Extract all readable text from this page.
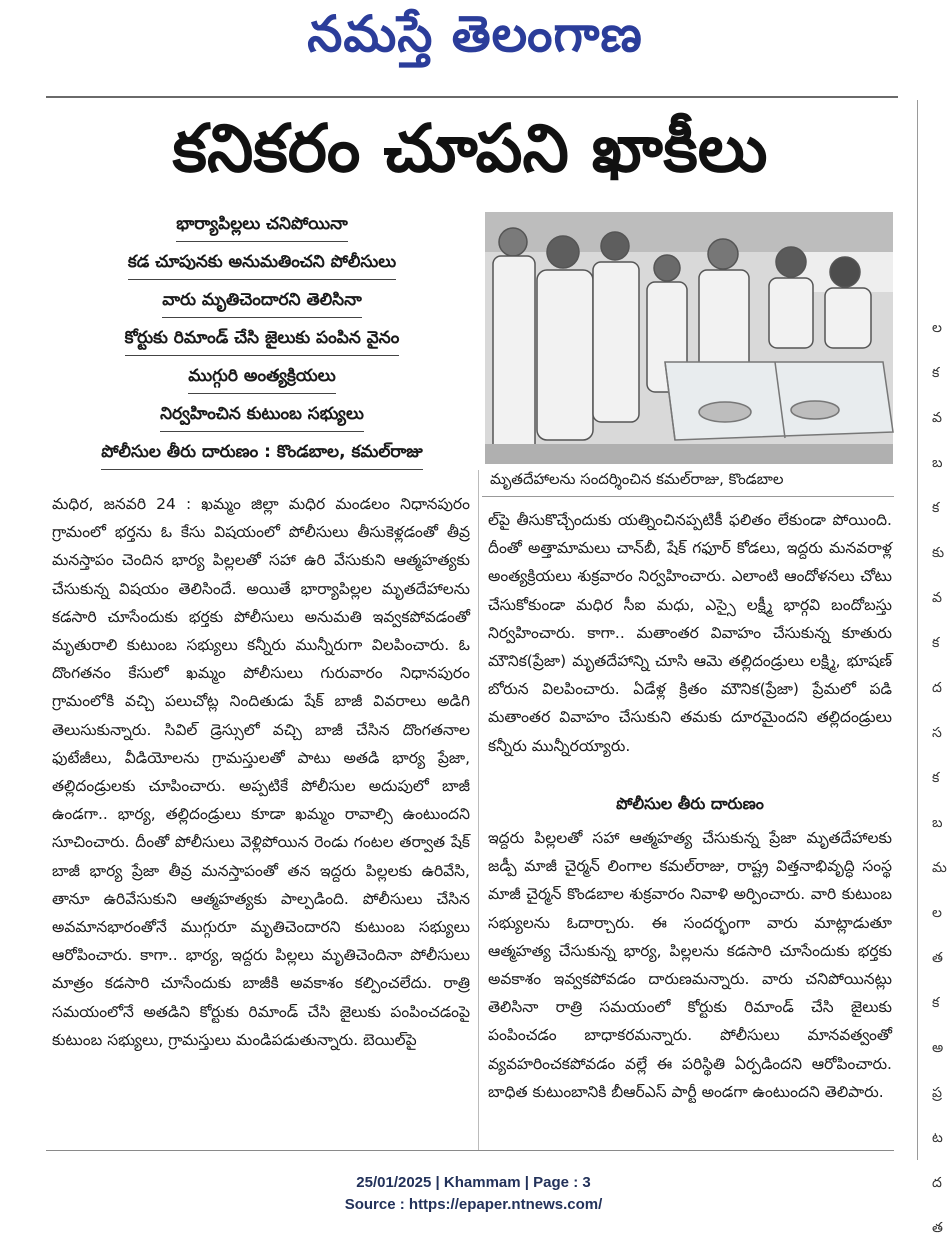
నమస్తే తెలంగాణ
ల
క
వ
బ
క
కు
వ
క
ద
స
క
బ
మ
ల
త
క
అ
ప్ర
ట
ద
త
కనికరం చూపని ఖాకీలు
భార్యాపిల్లలు చనిపోయినా
కడ చూపునకు అనుమతించని పోలీసులు
వారు మృతిచెందారని తెలిసినా
కోర్టుకు రిమాండ్ చేసి జైలుకు పంపిన వైనం
ముగ్గురి అంత్యక్రియలు
నిర్వహించిన కుటుంబ సభ్యులు
పోలీసుల తీరు దారుణం : కొండబాల, కమల్‌రాజు
మృతదేహాలను సందర్శించిన కమల్‌రాజు, కొండబాల

మధిర, జనవరి 24 : ఖమ్మం జిల్లా మధిర మండలం నిధానపురం గ్రామంలో భర్తను ఓ కేసు విషయంలో పోలీసులు తీసుకెళ్లడంతో తీవ్ర మనస్తాపం చెందిన భార్య పిల్లలతో సహా ఉరి వేసుకుని ఆత్మహత్యకు చేసుకున్న విషయం తెలిసిందే. అయితే భార్యాపిల్లల మృతదేహాలను కడసారి చూసేందుకు భర్తకు పోలీసులు అనుమతి ఇవ్వకపోవడంతో మృతురాలి కుటుంబ సభ్యులు కన్నీరు మున్నీరుగా విలపించారు. ఓ దొంగతనం కేసులో ఖమ్మం పోలీసులు గురువారం నిధానపురం గ్రామంలోకి వచ్చి పలుచోట్ల నిందితుడు షేక్ బాజీ వివరాలు అడిగి తెలుసుకున్నారు. సివిల్ డ్రెస్సులో వచ్చి బాజీ చేసిన దొంగతనాల ఫుటేజీలు, వీడియోలను గ్రామస్తులతో పాటు అతడి భార్య ప్రేజా, తల్లిదండ్రులకు చూపించారు. అప్పటికే పోలీసుల అదుపులో బాజీ ఉండగా.. భార్య, తల్లిదండ్రులు కూడా ఖమ్మం రావాల్సి ఉంటుందని సూచించారు. దీంతో పోలీసులు వెళ్లిపోయిన రెండు గంటల తర్వాత షేక్ బాజీ భార్య ప్రేజా తీవ్ర మనస్తాపంతో తన ఇద్దరు పిల్లలకు ఉరివేసి, తానూ ఉరివేసుకుని ఆత్మహత్యకు పాల్పడింది. పోలీసులు చేసిన అవమానభారంతోనే ముగ్గురూ మృతిచెందారని కుటుంబ సభ్యులు ఆరోపించారు. కాగా.. భార్య, ఇద్దరు పిల్లలు మృతిచెందినా పోలీసులు మాత్రం కడసారి చూసేందుకు బాజీకి అవకాశం కల్పించలేదు. రాత్రి సమయంలోనే అతడిని కోర్టుకు రిమాండ్ చేసి జైలుకు పంపించడంపై కుటుంబ సభ్యులు, గ్రామస్తులు మండిపడుతున్నారు. బెయిల్‌పై

ల్‌పై తీసుకొచ్చేందుకు యత్నించినప్పటికీ ఫలితం లేకుండా పోయింది. దీంతో అత్తామామలు చాన్‌బీ, షేక్ గఫూర్ కోడలు, ఇద్దరు మనవరాళ్ల అంత్యక్రియలు శుక్రవారం నిర్వహించారు. ఎలాంటి ఆందోళనలు చోటు చేసుకోకుండా మధిర సీఐ మధు, ఎస్సై లక్ష్మీ భార్గవి బందోబస్తు నిర్వహించారు. కాగా.. మతాంతర వివాహం చేసుకున్న కూతురు మౌనిక(ప్రేజా) మృతదేహాన్ని చూసి ఆమె తల్లిదండ్రులు లక్ష్మి, భూషణ్ బోరున విలపించారు. ఏడేళ్ల క్రితం మౌనిక(ప్రేజా) ప్రేమలో పడి మతాంతర వివాహం చేసుకుని తమకు దూరమైందని తల్లిదండ్రులు కన్నీరు మున్నీరయ్యారు.

పోలీసుల తీరు దారుణం

ఇద్దరు పిల్లలతో సహా ఆత్మహత్య చేసుకున్న ప్రేజా మృతదేహాలకు జడ్పీ మాజీ చైర్మన్ లింగాల కమల్‌రాజు, రాష్ట్ర విత్తనాభివృద్ధి సంస్థ మాజీ చైర్మన్ కొండబాల శుక్రవారం నివాళి అర్పించారు. వారి కుటుంబ సభ్యులను ఓదార్చారు. ఈ సందర్భంగా వారు మాట్లాడుతూ ఆత్మహత్య చేసుకున్న భార్య, పిల్లలను కడసారి చూసేందుకు భర్తకు అవకాశం ఇవ్వకపోవడం దారుణమన్నారు. వారు చనిపోయినట్లు తెలిసినా రాత్రి సమయంలో కోర్టుకు రిమాండ్ చేసి జైలుకు పంపించడం బాధాకరమన్నారు. పోలీసులు మానవత్వంతో వ్యవహరించకపోవడం వల్లే ఈ పరిస్థితి ఏర్పడిందని ఆరోపించారు. బాధిత కుటుంబానికి బీఆర్‌ఎస్ పార్టీ అండగా ఉంటుందని తెలిపారు.

25/01/2025 | Khammam | Page : 3
Source : https://epaper.ntnews.com/
